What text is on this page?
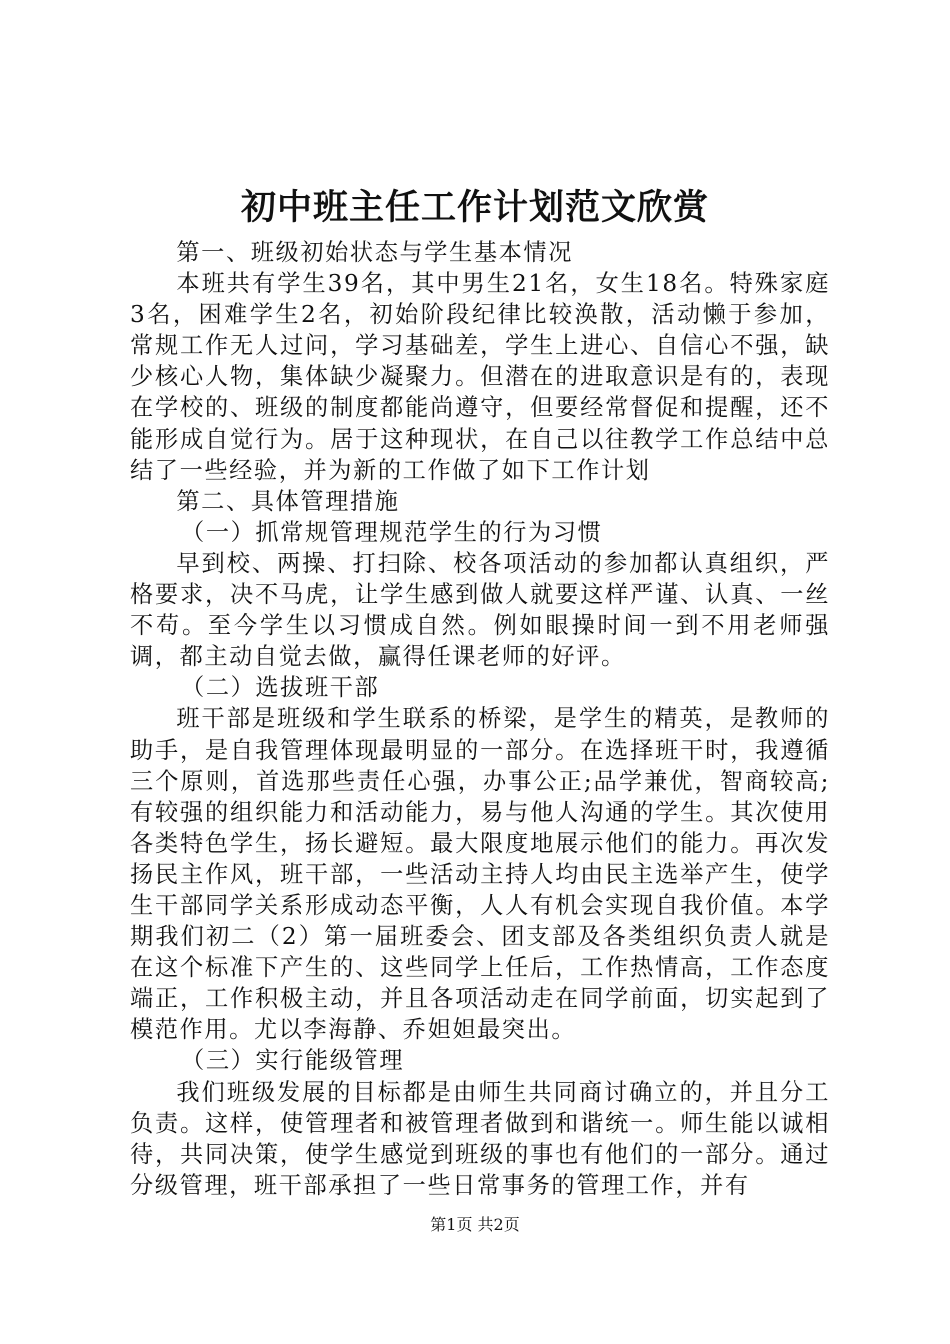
初中班主任工作计划范文欣赏

第一、班级初始状态与学生基本情况

本班共有学生39名，其中男生21名，女生18名。特殊家庭3名，困难学生2名，初始阶段纪律比较涣散，活动懒于参加，常规工作无人过问，学习基础差，学生上进心、自信心不强，缺少核心人物，集体缺少凝聚力。但潜在的进取意识是有的，表现在学校的、班级的制度都能尚遵守，但要经常督促和提醒，还不能形成自觉行为。居于这种现状，在自己以往教学工作总结中总结了一些经验，并为新的工作做了如下工作计划

第二、具体管理措施

（一）抓常规管理规范学生的行为习惯

早到校、两操、打扫除、校各项活动的参加都认真组织，严格要求，决不马虎，让学生感到做人就要这样严谨、认真、一丝不苟。至今学生以习惯成自然。例如眼操时间一到不用老师强调，都主动自觉去做，赢得任课老师的好评。

（二）选拔班干部

班干部是班级和学生联系的桥梁，是学生的精英，是教师的助手，是自我管理体现最明显的一部分。在选择班干时，我遵循三个原则，首选那些责任心强，办事公正;品学兼优，智商较高;有较强的组织能力和活动能力，易与他人沟通的学生。其次使用各类特色学生，扬长避短。最大限度地展示他们的能力。再次发扬民主作风，班干部，一些活动主持人均由民主选举产生，使学生干部同学关系形成动态平衡，人人有机会实现自我价值。本学期我们初二（2）第一届班委会、团支部及各类组织负责人就是在这个标准下产生的、这些同学上任后，工作热情高，工作态度端正，工作积极主动，并且各项活动走在同学前面，切实起到了模范作用。尤以李海静、乔妲妲最突出。

（三）实行能级管理

我们班级发展的目标都是由师生共同商讨确立的，并且分工负责。这样，使管理者和被管理者做到和谐统一。师生能以诚相待，共同决策，使学生感觉到班级的事也有他们的一部分。通过分级管理，班干部承担了一些日常事务的管理工作，并有

第1页 共2页
